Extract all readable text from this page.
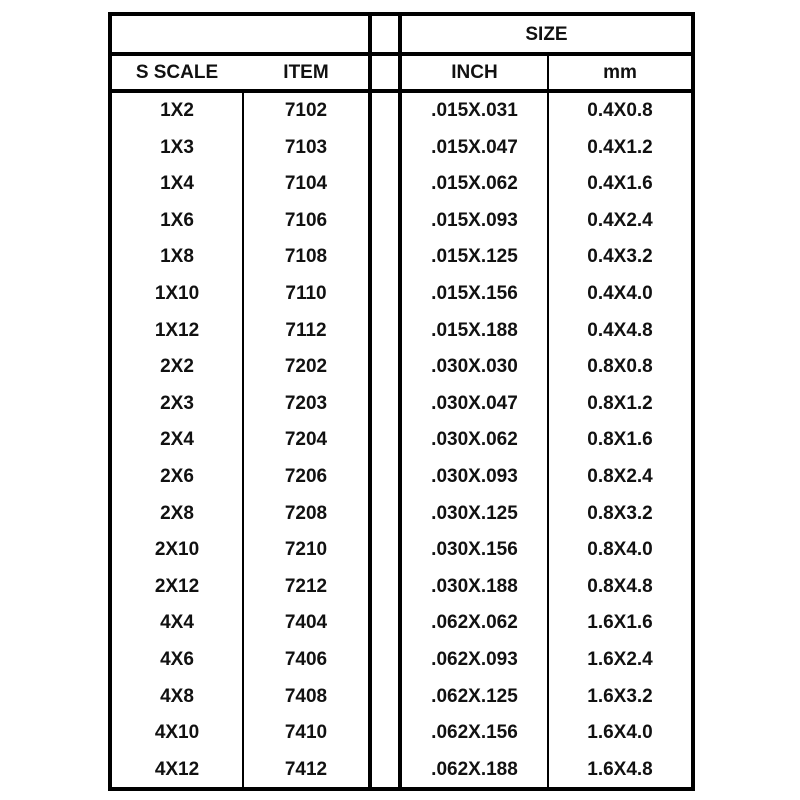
SIZE
S SCALE	ITEM	INCH	mm
1X2	7102	.015X.031	0.4X0.8
1X3	7103	.015X.047	0.4X1.2
1X4	7104	.015X.062	0.4X1.6
1X6	7106	.015X.093	0.4X2.4
1X8	7108	.015X.125	0.4X3.2
1X10	7110	.015X.156	0.4X4.0
1X12	7112	.015X.188	0.4X4.8
2X2	7202	.030X.030	0.8X0.8
2X3	7203	.030X.047	0.8X1.2
2X4	7204	.030X.062	0.8X1.6
2X6	7206	.030X.093	0.8X2.4
2X8	7208	.030X.125	0.8X3.2
2X10	7210	.030X.156	0.8X4.0
2X12	7212	.030X.188	0.8X4.8
4X4	7404	.062X.062	1.6X1.6
4X6	7406	.062X.093	1.6X2.4
4X8	7408	.062X.125	1.6X3.2
4X10	7410	.062X.156	1.6X4.0
4X12	7412	.062X.188	1.6X4.8
